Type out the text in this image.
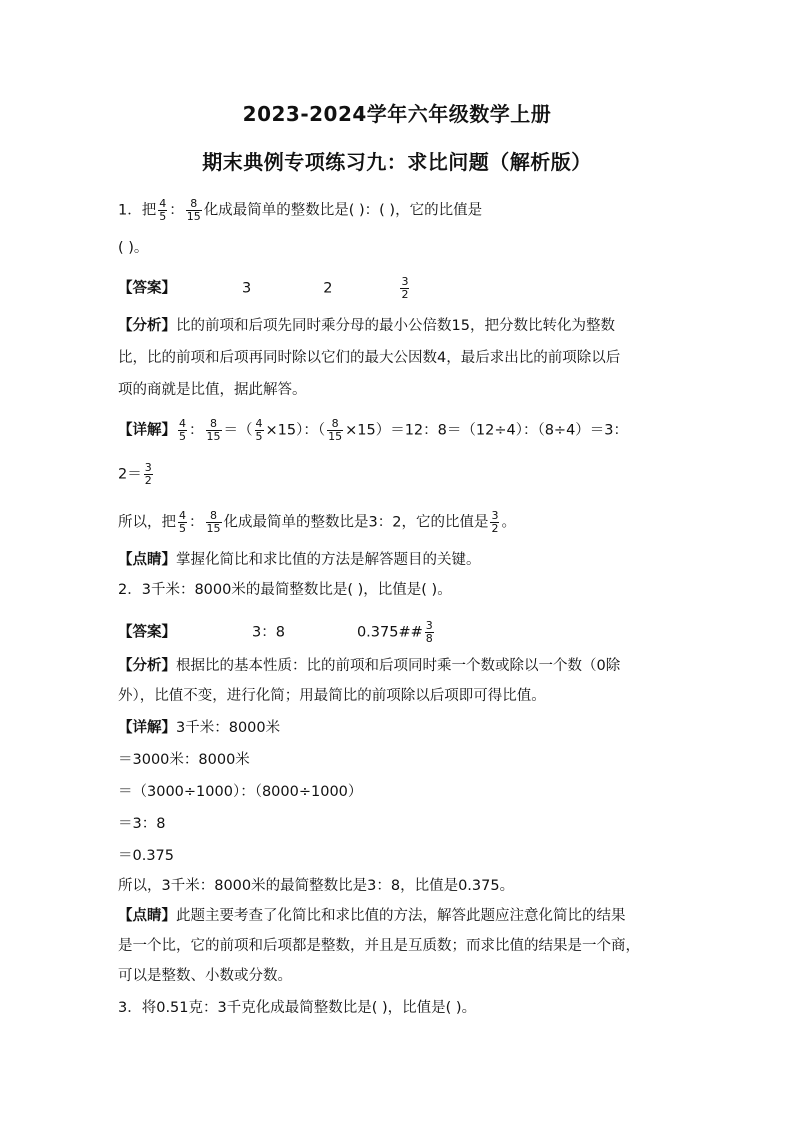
2023-2024学年六年级数学上册
期末典例专项练习九：求比问题（解析版）
1．把 $\frac{4}{5}$ ： $\frac{8}{15}$ 化成最简单的整数比是( )：( )，它的比值是
( )。
【答案】	3	2	$\frac{3}{2}$
【分析】比的前项和后项先同时乘分母的最小公倍数15，把分数比转化为整数
比，比的前项和后项再同时除以它们的最大公因数4，最后求出比的前项除以后
项的商就是比值，据此解答。
【详解】 $\frac{4}{5}$ ： $\frac{8}{15}$ ＝（ $\frac{4}{5} \times 15$）：（ $\frac{8}{15} \times 15)=12$：8＝（12÷4）：（8÷4）＝3：
$2= \frac{3}{2}$
所以，把 $\frac{4}{5}$ ： $\frac{8}{15}$ 化成最简单的整数比是3：2，它的比值是 $\frac{3}{2}$ 。
【点睛】掌握化简比和求比值的方法是解答题目的关键。
2．3千米：8000米的最简整数比是( )，比值是( )。
【答案】	3：8	0.375## $\frac{3}{8}$
【分析】根据比的基本性质：比的前项和后项同时乘一个数或除以一个数（0除
外），比值不变，进行化简；用最简比的前项除以后项即可得比值。
【详解】3千米：8000米
＝3000米：8000米
＝（3000÷1000）：（8000÷1000）
＝3：8
＝0.375
所以，3千米：8000米的最简整数比是3：8，比值是0.375。
【点睛】此题主要考查了化简比和求比值的方法，解答此题应注意化简比的结果
是一个比，它的前项和后项都是整数，并且是互质数；而求比值的结果是一个商，
可以是整数、小数或分数。
3．将0.51克：3千克化成最简整数比是( )，比值是( )。
